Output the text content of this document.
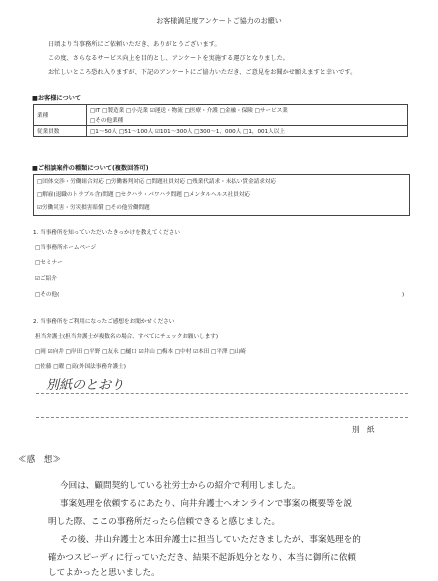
お客様満足度アンケートご協力のお願い
日頃より当事務所にご依頼いただき、ありがとうございます。
この度、さらなるサービス向上を目的とし、アンケートを実施する運びとなりました。
お忙しいところ恐れ入りますが、下記のアンケートにご協力いただき、ご意見をお聞かせ願えますと幸いです。
■お客様について
業種	□IT □製造業 □小売業 ☑運送・物流 □医療・介護 □金融・保険 □サービス業
	□その他業種
従業員数	□1～50人 □51～100人 ☑101～300人 □300～1，000人 □1，001人以上
■ご相談案件の種類について(複数回答可)
□団体交渉・労働組合対応 □労働審判対応 □問題社員対応 □残業代請求・未払い賃金請求対応
□解雇(退職のトラブル含)問題 □セクハラ・パワハラ問題 □メンタルヘルス社員対応
☑労働災害・労災損害賠償 □その他労働問題
1. 当事務所を知っていただいたきっかけを教えてください
□当事務所ホームページ
□セミナー
☑ご紹介
□その他(	)
2. 当事務所をご利用になったご感想をお聞かせください
担当弁護士(担当弁護士が複数名の場合、すべてにチェックお願いします)
□岡 ☑向井 □岸田 □平野 □友永 □樋口 ☑井山 □梅本 □中村 ☑本田 □平澤 □山崎
□佐藤 □曜 □高(外国法事務弁護士)
別紙のとおり
別　紙
≪感　想≫
今回は、顧問契約している社労士からの紹介で利用しました。
事案処理を依頼するにあたり、向井弁護士へオンラインで事案の概要等を説
明した際、ここの事務所だったら信頼できると感じました。
その後、井山弁護士と本田弁護士に担当していただきましたが、事案処理を的
確かつスピーディに行っていただき、結果不起訴処分となり、本当に御所に依頼
してよかったと思いました。
